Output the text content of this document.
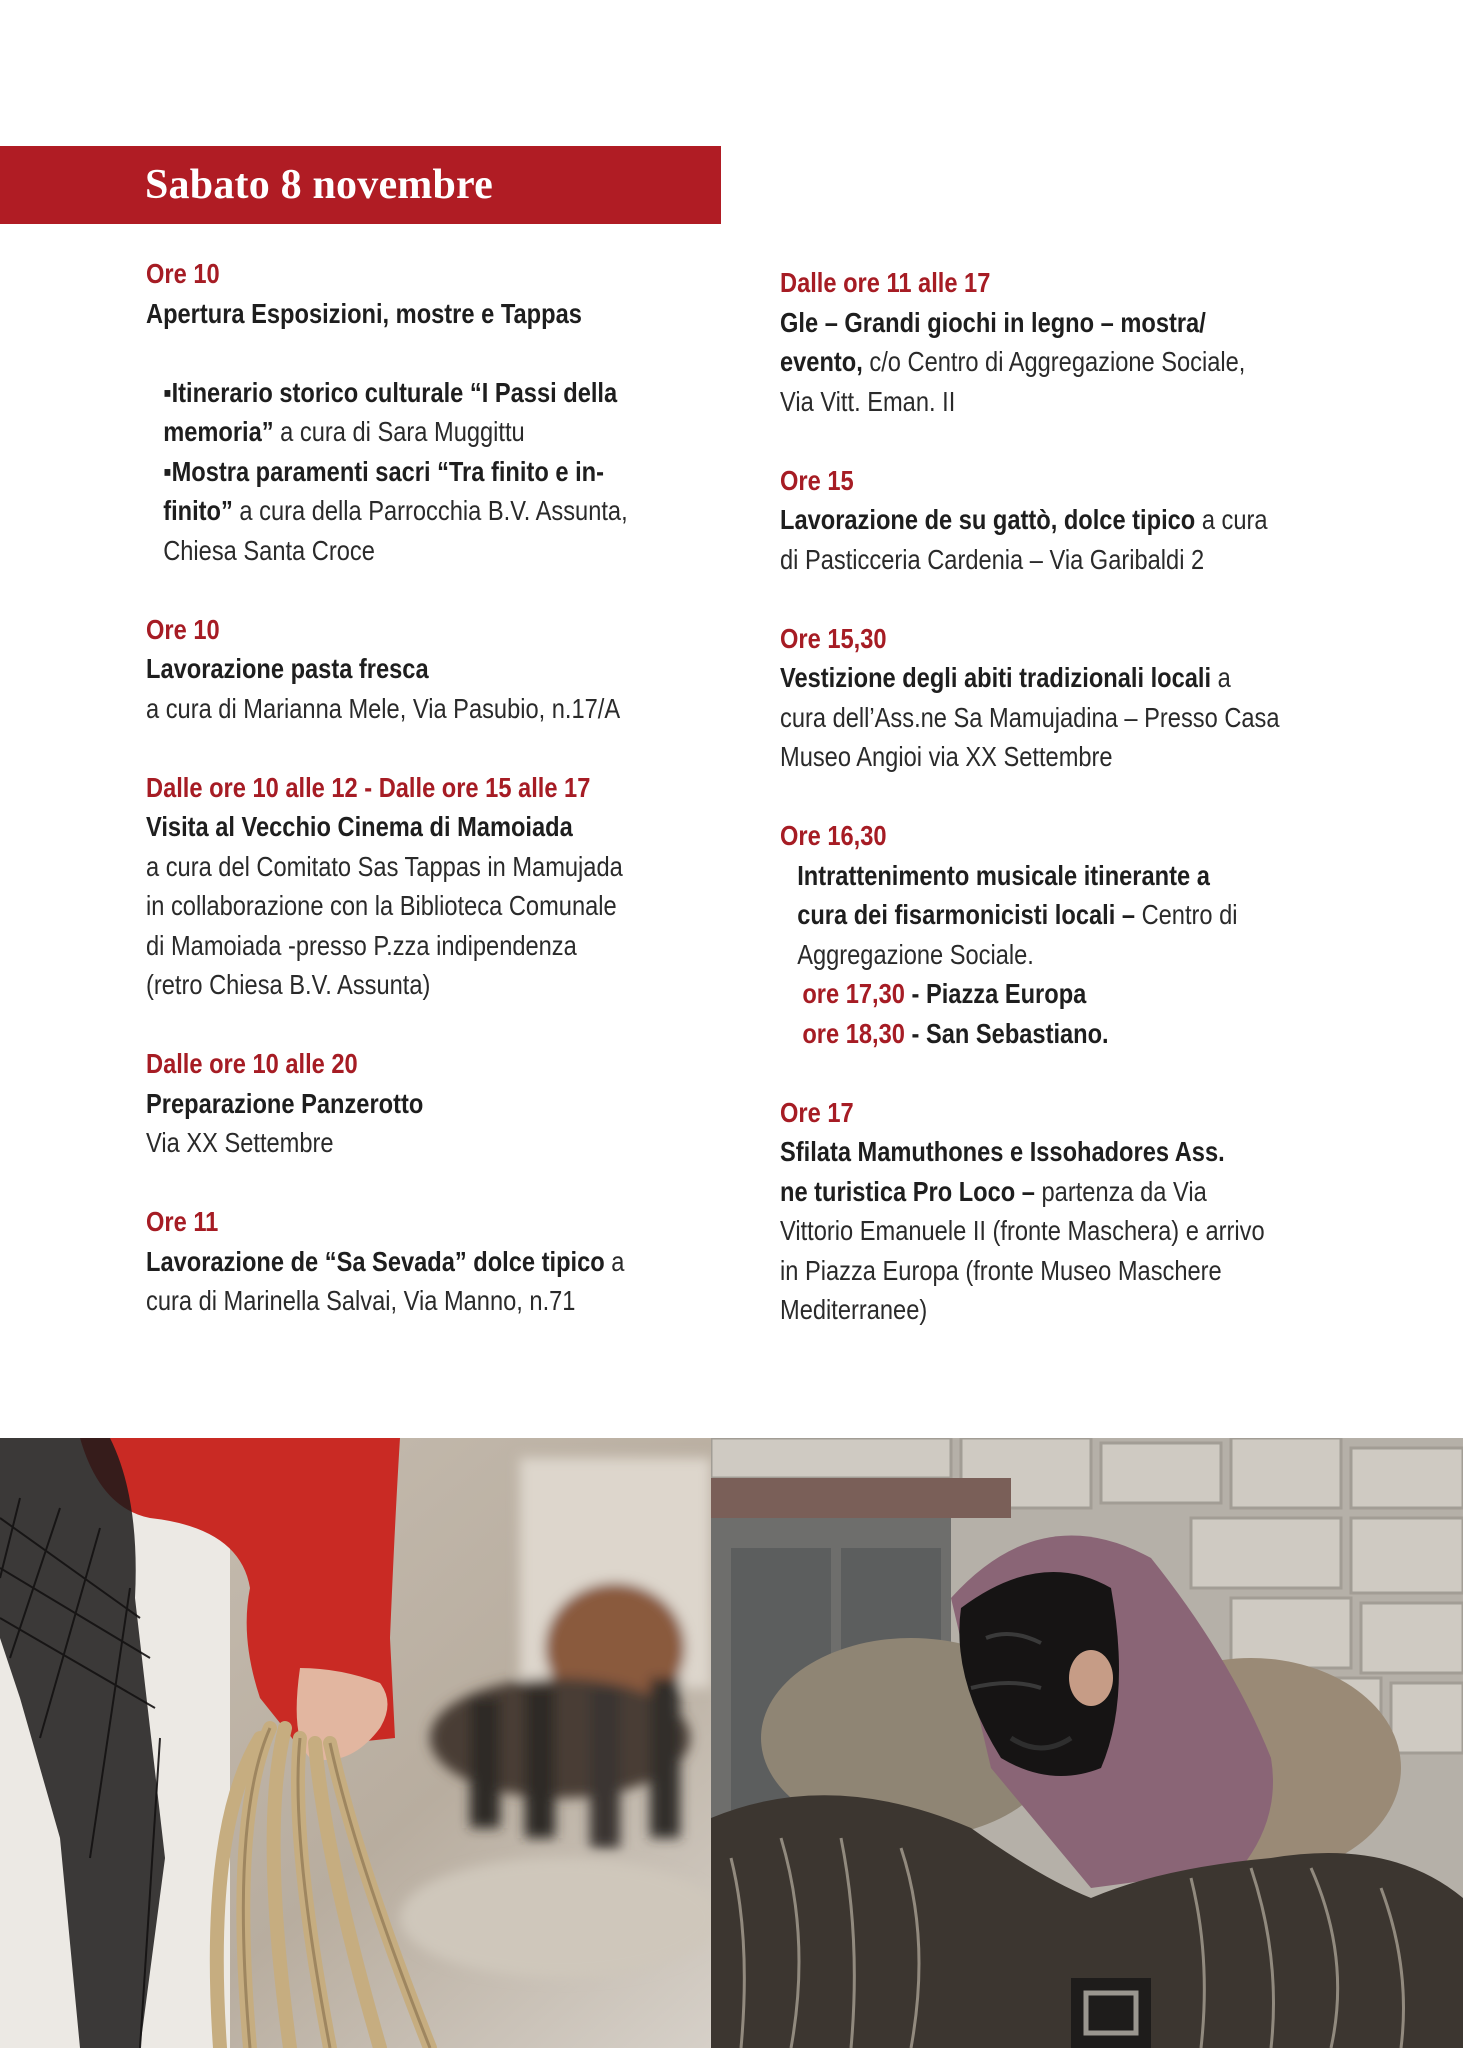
Sabato 8 novembre
Ore 10
Apertura Esposizioni, mostre e Tappas
▪Itinerario storico culturale “I Passi della
memoria” a cura di Sara Muggittu
▪Mostra paramenti sacri “Tra finito e in-
finito” a cura della Parrocchia B.V. Assunta,
Chiesa Santa Croce
Ore 10
Lavorazione pasta fresca
a cura di Marianna Mele, Via Pasubio, n.17/A
Dalle ore 10 alle 12 - Dalle ore 15 alle 17
Visita al Vecchio Cinema di Mamoiada
a cura del Comitato Sas Tappas in Mamujada
in collaborazione con la Biblioteca Comunale
di Mamoiada -presso P.zza indipendenza
(retro Chiesa B.V. Assunta)
Dalle ore 10 alle 20
Preparazione Panzerotto
Via XX Settembre
Ore 11
Lavorazione de “Sa Sevada” dolce tipico a
cura di Marinella Salvai, Via Manno, n.71
Dalle ore 11 alle 17
Gle – Grandi giochi in legno – mostra/
evento, c/o Centro di Aggregazione Sociale,
Via Vitt. Eman. II
Ore 15
Lavorazione de su gattò, dolce tipico a cura
di Pasticceria Cardenia – Via Garibaldi 2
Ore 15,30
Vestizione degli abiti tradizionali locali a
cura dell’Ass.ne Sa Mamujadina – Presso Casa
Museo Angioi via XX Settembre
Ore 16,30
Intrattenimento musicale itinerante a
cura dei fisarmonicisti locali – Centro di
Aggregazione Sociale.
ore 17,30 - Piazza Europa
ore 18,30 - San Sebastiano.
Ore 17
Sfilata Mamuthones e Issohadores Ass.
ne turistica Pro Loco – partenza da Via
Vittorio Emanuele II (fronte Maschera) e arrivo
in Piazza Europa (fronte Museo Maschere
Mediterranee)
